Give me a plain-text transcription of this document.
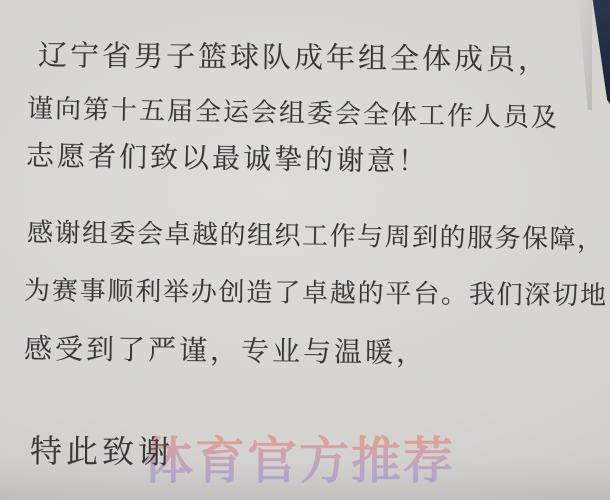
辽宁省男子篮球队成年组全体成员，
谨向第十五届全运会组委会全体工作人员及
志愿者们致以最诚挚的谢意！
感谢组委会卓越的组织工作与周到的服务保障，
为赛事顺利举办创造了卓越的平台。我们深切地
感受到了严谨，专业与温暖，
体育官方推荐
特此致谢
